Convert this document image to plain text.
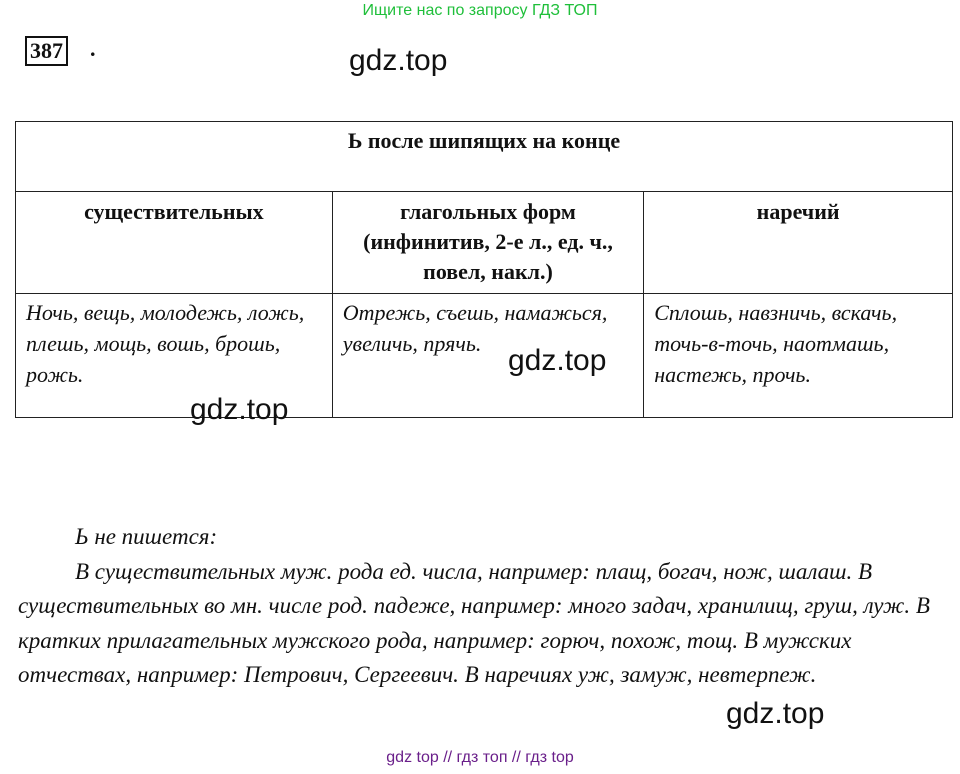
Ищите нас по запросу ГДЗ ТОП
387 .	gdz.top
Ь после шипящих на конце		
существительных	глагольных форм (инфинитив, 2-е л., ед. ч., повел, накл.)	наречий
Ночь, вещь, молодежь, ложь, плешь, мощь, вошь, брошь, рожь.	Отрежь, съешь, намажься, увеличь, прячь.	Сплошь, навзничь, вскачь, точь-в-точь, наотмашь, настежь, прочь.
gdz.top
gdz.top

Ь не пишется:

В существительных муж. рода ед. числа, например: плащ, богач, нож, шалаш. В существительных во мн. числе род. падеже, например: много задач, хранилищ, груш, луж. В кратких прилагательных мужского рода, например: горюч, похож, тощ. В мужских отчествах, например: Петрович, Сергеевич. В наречиях уж, замуж, невтерпеж.

gdz.top
gdz top // гдз топ // гдз top
